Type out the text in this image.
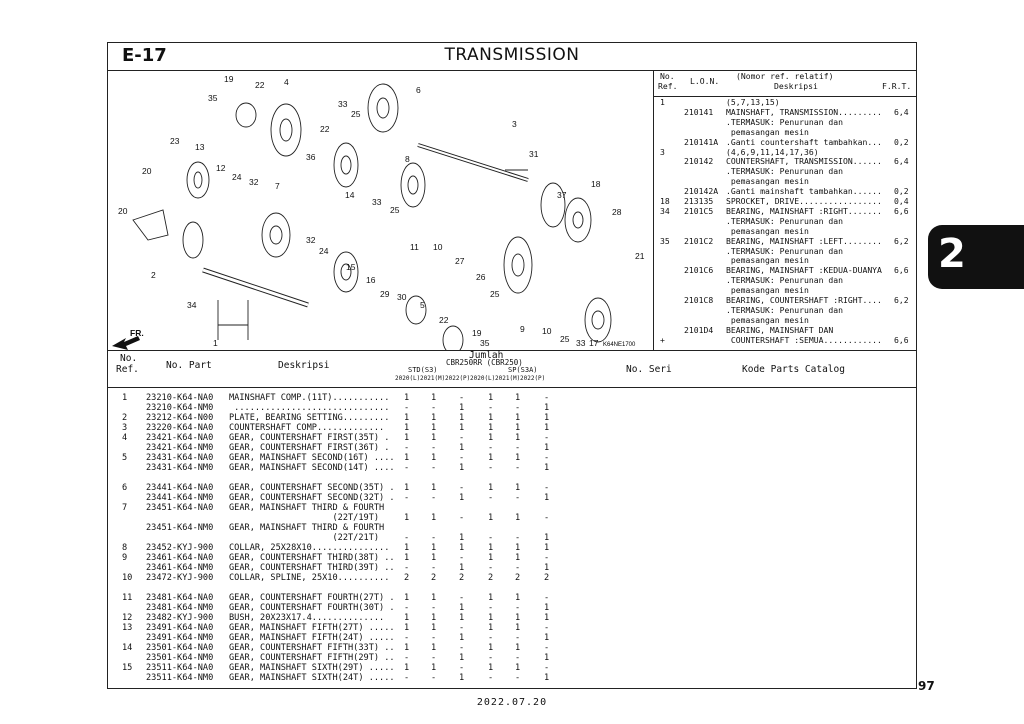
E-17	TRANSMISSION
FR.
K64NE1700
19
22 4
35
6
33
25
3
22
23
13
36	8	31
20	12
24 32 7
14
33
25
37
18
20	28
32
24	11 10
27
2
15
16
29 30
26
25
21
34	5
22
19	9 10
25 33
1	35	17
No.
Ref. L.O.N. (Nomor ref. relatif)
Deskripsi	F.R.T.
1	(5,7,13,15)
210141 MAINSHAFT, TRANSMISSION......... 6,4
.TERMASUK: Penurunan dan
pemasangan mesin
210141A .Ganti countershaft tambahkan... 0,2
3	(4,6,9,11,14,17,36)
210142 COUNTERSHAFT, TRANSMISSION...... 6,4
.TERMASUK: Penurunan dan
pemasangan mesin
210142A .Ganti mainshaft tambahkan...... 0,2
18 213135 SPROCKET, DRIVE................. 0,4
34 2101C5 BEARING, MAINSHAFT :RIGHT....... 6,6
.TERMASUK: Penurunan dan
pemasangan mesin
35 2101C2 BEARING, MAINSHAFT :LEFT........ 6,2
.TERMASUK: Penurunan dan
pemasangan mesin
2101C6 BEARING, MAINSHAFT :KEDUA-DUANYA 6,6
.TERMASUK: Penurunan dan
pemasangan mesin
2101C8 BEARING, COUNTERSHAFT :RIGHT.... 6,2
.TERMASUK: Penurunan dan
pemasangan mesin
2101D4 BEARING, MAINSHAFT DAN
+	COUNTERSHAFT :SEMUA............ 6,6
No.
Ref.	No. Part	Deskripsi
Jumlah
CBR250RR (CBR250)
STD(S3)	SP(S3A)
2020(L) 2021(M) 2022(P) 2020(L) 2021(M) 2022(P)
No. Seri	Kode Parts Catalog
1 23210-K64-NA0 MAINSHAFT COMP.(11T)........... 1	1	-	1	1	-
23210-K64-NM0 .............................. -	-	1	-	-	1
2 23212-K64-N00 PLATE, BEARING SETTING......... 1	1	1	1	1	1
3 23220-K64-NA0 COUNTERSHAFT COMP............. 1	1	1	1	1	1
4 23421-K64-NA0 GEAR, COUNTERSHAFT FIRST(35T) . 1	1	-	1	1	-
23421-K64-NM0 GEAR, COUNTERSHAFT FIRST(36T) . -	-	1	-	-	1
5 23431-K64-NA0 GEAR, MAINSHAFT SECOND(16T) .... 1	1	-	1	1	-
23431-K64-NM0 GEAR, MAINSHAFT SECOND(14T) .... -	-	1	-	-	1
6 23441-K64-NA0 GEAR, COUNTERSHAFT SECOND(35T) . 1	1	-	1	1	-
23441-K64-NM0 GEAR, COUNTERSHAFT SECOND(32T) . -	-	1	-	-	1
7 23451-K64-NA0 GEAR, MAINSHAFT THIRD & FOURTH
(22T/19T)	1	1	-	1	1	-
23451-K64-NM0 GEAR, MAINSHAFT THIRD & FOURTH
(22T/21T)	-	-	1	-	-	1
8 23452-KYJ-900 COLLAR, 25X28X10............... 1	1	1	1	1	1
9 23461-K64-NA0 GEAR, COUNTERSHAFT THIRD(38T) .. 1	1	-	1	1	-
23461-K64-NM0 GEAR, COUNTERSHAFT THIRD(39T) .. -	-	1	-	-	1
10 23472-KYJ-900 COLLAR, SPLINE, 25X10.......... 2	2	2	2	2	2
11 23481-K64-NA0 GEAR, COUNTERSHAFT FOURTH(27T) . 1	1	-	1	1	-
23481-K64-NM0 GEAR, COUNTERSHAFT FOURTH(30T) . -	-	1	-	-	1
12 23482-KYJ-900 BUSH, 20X23X17.4.............. 1	1	1	1	1	1
13 23491-K64-NA0 GEAR, MAINSHAFT FIFTH(27T) ..... 1	1	-	1	1	-
23491-K64-NM0 GEAR, MAINSHAFT FIFTH(24T) ..... -	-	1	-	-	1
14 23501-K64-NA0 GEAR, COUNTERSHAFT FIFTH(33T) .. 1	1	-	1	1	-
23501-K64-NM0 GEAR, COUNTERSHAFT FIFTH(29T) .. -	-	1	-	-	1
15 23511-K64-NA0 GEAR, MAINSHAFT SIXTH(29T) ..... 1	1	-	1	1	-
23511-K64-NM0 GEAR, MAINSHAFT SIXTH(24T) ..... -	-	1	-	-	1
2
97
2022.07.20
